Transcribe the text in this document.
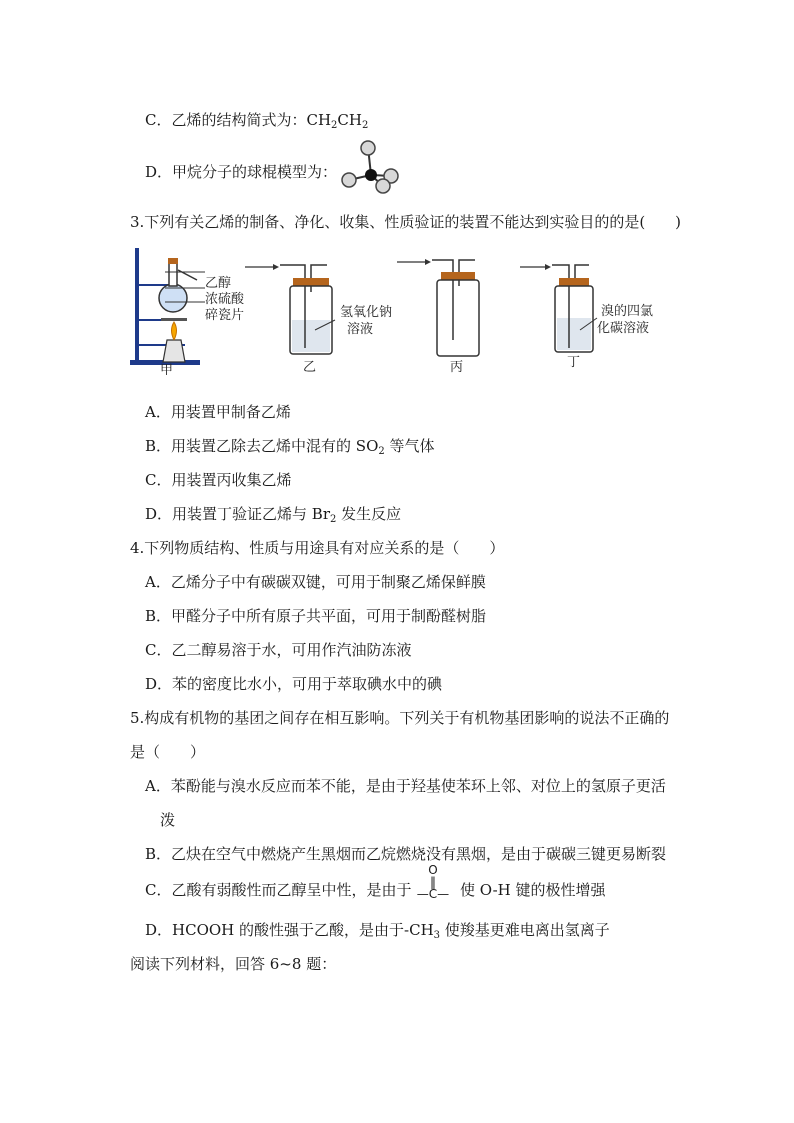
C．乙烯的结构简式为：$CH_2CH_2$
D．甲烷分子的球棍模型为：
3.下列有关乙烯的制备、净化、收集、性质验证的装置不能达到实验目的的是(　　)
乙醇
浓硫酸
碎瓷片
甲
氢氧化钠
溶液
乙	丙
溴的四氯
化碳溶液
丁
A．用装置甲制备乙烯
B．用装置乙除去乙烯中混有的 $SO_2$ 等气体
C．用装置丙收集乙烯
D．用装置丁验证乙烯与 $Br_2$ 发生反应
4.下列物质结构、性质与用途具有对应关系的是（　　）
A．乙烯分子中有碳碳双键，可用于制聚乙烯保鲜膜
B．甲醛分子中所有原子共平面，可用于制酚醛树脂
C．乙二醇易溶于水，可用作汽油防冻液
D．苯的密度比水小，可用于萃取碘水中的碘
5.构成有机物的基团之间存在相互影响。下列关于有机物基团影响的说法不正确的
是（　　）
A．苯酚能与溴水反应而苯不能，是由于羟基使苯环上邻、对位上的氢原子更活
泼
B．乙炔在空气中燃烧产生黑烟而乙烷燃烧没有黑烟，是由于碳碳三键更易断裂
C．乙酸有弱酸性而乙醇呈中性，是由于
O
‖
—C— 使 O-H 键的极性增强
D．HCOOH 的酸性强于乙酸，是由于$-CH_3$ 使羧基更难电离出氢离子
阅读下列材料，回答 6~8 题：
